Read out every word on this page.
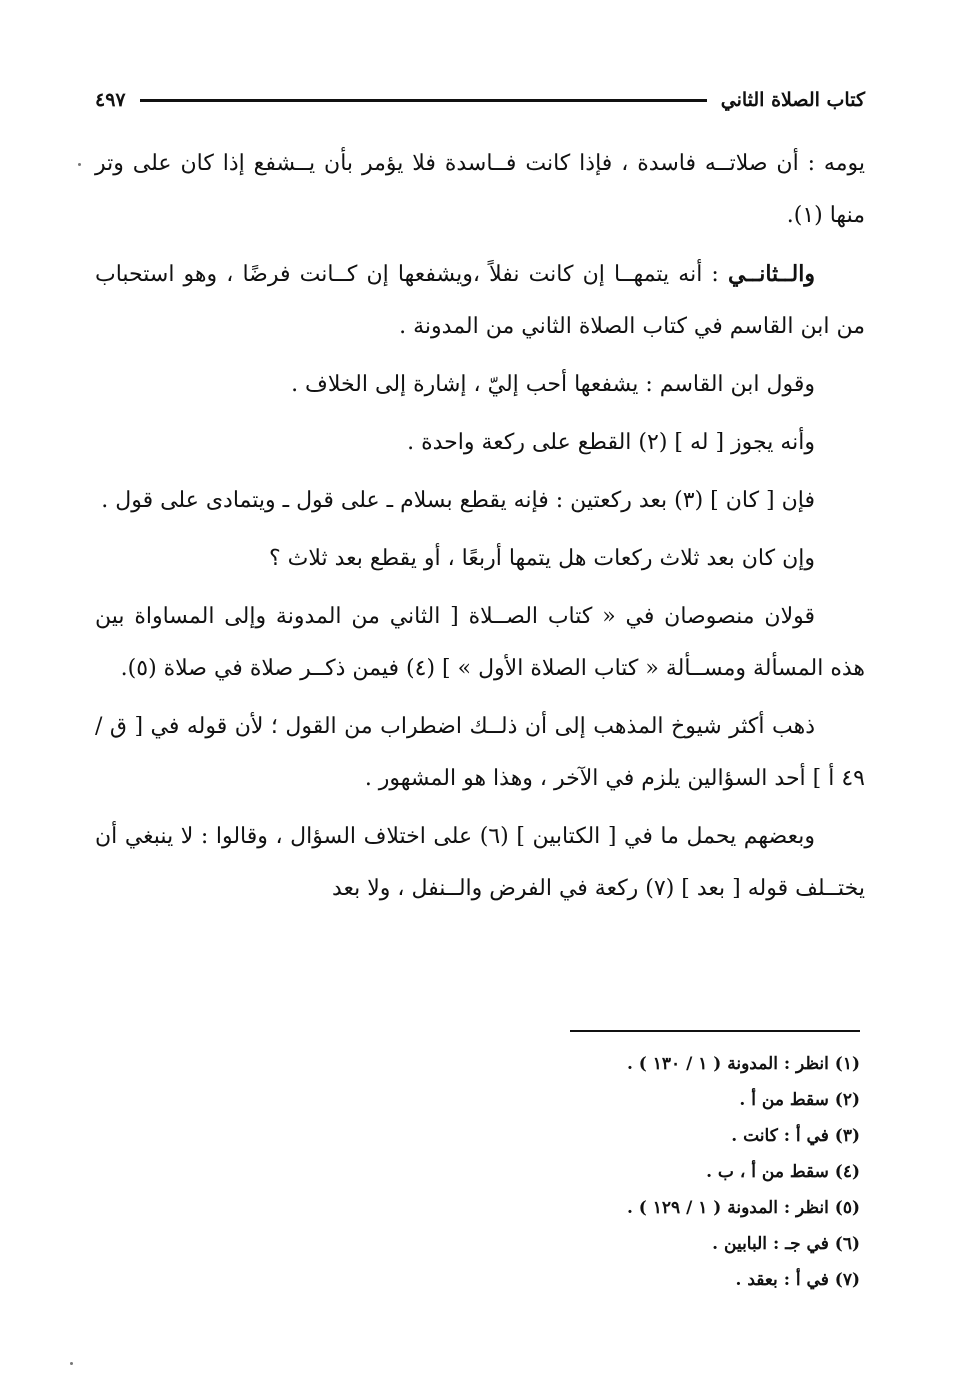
كتاب الصلاة الثاني
٤٩٧

يومه : أن صلاتــه فاسدة ، فإذا كانت فــاسدة فلا يؤمر بأن يــشفع إذا كان على وتر منها (١).

والــثانــي : أنه يتمهــا إن كانت نفلاً ،ويشفعها إن كــانت فرضًا ، وهو استحباب من ابن القاسم في كتاب الصلاة الثاني من المدونة .

وقول ابن القاسم : يشفعها أحب إليّ ، إشارة إلى الخلاف .

وأنه يجوز [ له ] (٢) القطع على ركعة واحدة .

فإن [ كان ] (٣) بعد ركعتين : فإنه يقطع بسلام ـ على قول ـ ويتمادى على قول .

وإن كان بعد ثلاث ركعات هل يتمها أربعًا ، أو يقطع بعد ثلاث ؟

قولان منصوصان في « كتاب الصــلاة [ الثاني من المدونة وإلى المساواة بين هذه المسألة ومســألة « كتاب الصلاة الأول » ] (٤) فيمن ذكــر صلاة في صلاة (٥).

ذهب أكثر شيوخ المذهب إلى أن ذلــك اضطراب من القول ؛ لأن قوله في [ ق / ٤٩ أ ] أحد السؤالين يلزم في الآخر ، وهذا هو المشهور .

وبعضهم يحمل ما في [ الكتابين ] (٦) على اختلاف السؤال ، وقالوا : لا ينبغي أن يختــلف قوله [ بعد ] (٧) ركعة في الفرض والــنفل ، ولا بعد

(١) انظر : المدونة ( ١ / ١٣٠ ) .

(٢) سقط من أ .

(٣) في أ : كانت .

(٤) سقط من أ ، ب .

(٥) انظر : المدونة ( ١ / ١٢٩ ) .

(٦) في جـ : البابين .

(٧) في أ : بعقد .
